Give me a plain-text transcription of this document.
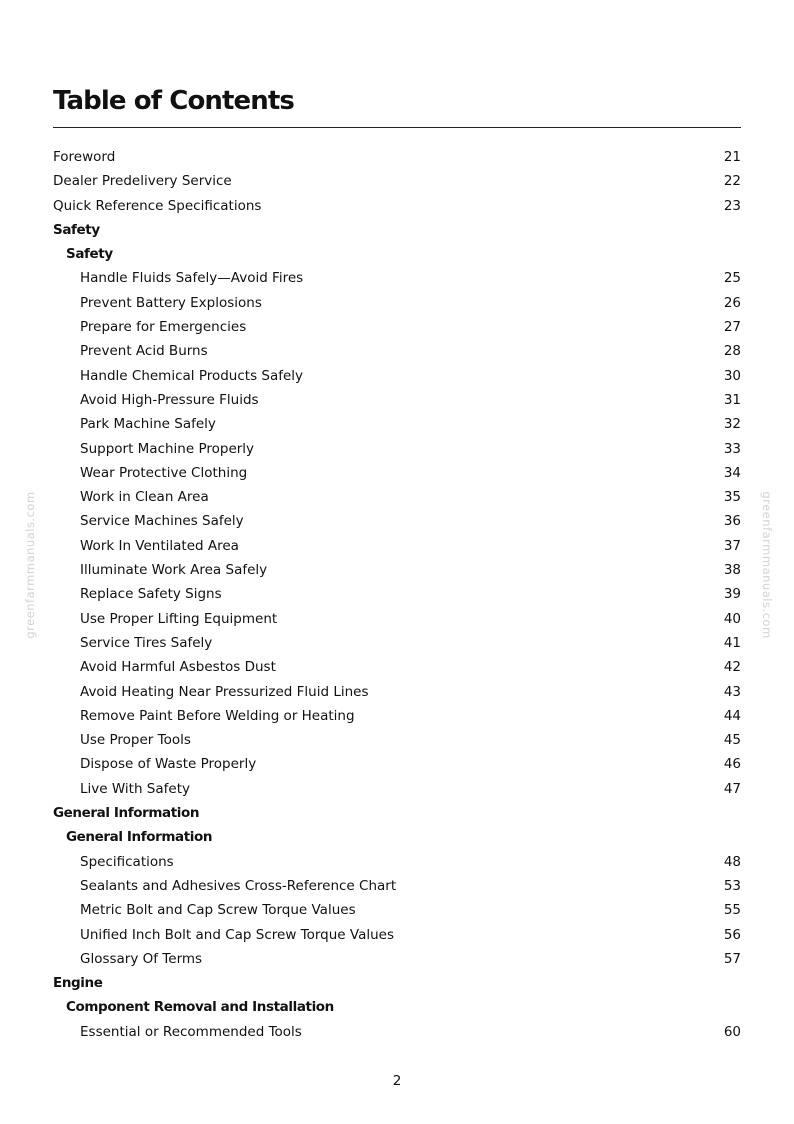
Table of Contents
Foreword	21
Dealer Predelivery Service	22
Quick Reference Specifications	23
Safety
Safety
Handle Fluids Safely—Avoid Fires	25
Prevent Battery Explosions	26
Prepare for Emergencies	27
Prevent Acid Burns	28
Handle Chemical Products Safely	30
Avoid High-Pressure Fluids	31
Park Machine Safely	32
Support Machine Properly	33
Wear Protective Clothing	34
Work in Clean Area	35
Service Machines Safely	36
Work In Ventilated Area	37
Illuminate Work Area Safely	38
Replace Safety Signs	39
Use Proper Lifting Equipment	40
Service Tires Safely	41
Avoid Harmful Asbestos Dust	42
Avoid Heating Near Pressurized Fluid Lines	43
Remove Paint Before Welding or Heating	44
Use Proper Tools	45
Dispose of Waste Properly	46
Live With Safety	47
General Information
General Information
Specifications	48
Sealants and Adhesives Cross-Reference Chart	53
Metric Bolt and Cap Screw Torque Values	55
Unified Inch Bolt and Cap Screw Torque Values	56
Glossary Of Terms	57
Engine
Component Removal and Installation
Essential or Recommended Tools	60
greenfarmmanuals.com	greenfarmmanuals.com
2
